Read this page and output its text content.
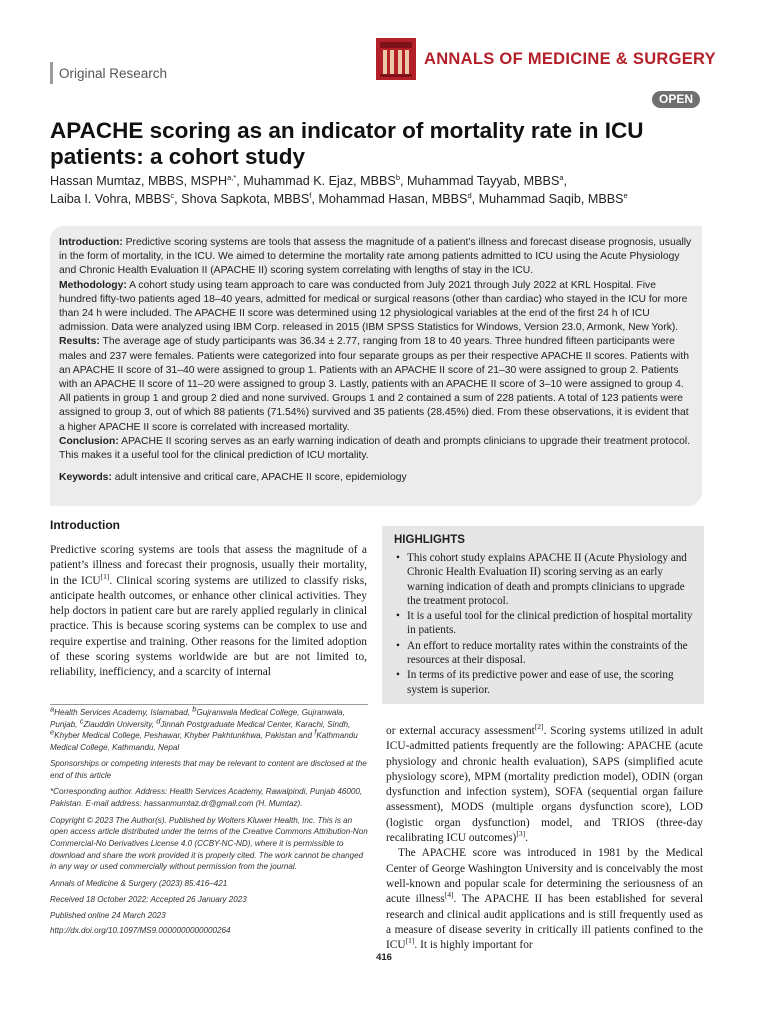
Original Research
ANNALS OF MEDICINE & SURGERY
OPEN
APACHE scoring as an indicator of mortality rate in ICU patients: a cohort study
Hassan Mumtaz, MBBS, $MSPH^{a,*}$, Muhammad K. Ejaz, MBBS$^b$, Muhammad Tayyab, MBBS$^a$,
Laiba I. Vohra, MBBS$^c$, Shova Sapkota, MBBS$^f$, Mohammad Hasan, MBBS$^d$, Muhammad Saqib, MBBS$^e$

Introduction: Predictive scoring systems are tools that assess the magnitude of a patient’s illness and forecast disease prognosis, usually in the form of mortality, in the ICU. We aimed to determine the mortality rate among patients admitted to ICU using the Acute Physiology and Chronic Health Evaluation II (APACHE II) scoring system correlating with lengths of stay in the ICU.

Methodology: A cohort study using team approach to care was conducted from July 2021 through July 2022 at KRL Hospital. Five hundred fifty-two patients aged 18–40 years, admitted for medical or surgical reasons (other than cardiac) who stayed in the ICU for more than 24 h were included. The APACHE II score was determined using 12 physiological variables at the end of the first 24 h of ICU admission. Data were analyzed using IBM Corp. released in 2015 (IBM SPSS Statistics for Windows, Version 23.0, Armonk, New York).

Results: The average age of study participants was 36.34 ± 2.77, ranging from 18 to 40 years. Three hundred fifteen participants were males and 237 were females. Patients were categorized into four separate groups as per their respective APACHE II scores. Patients with an APACHE II score of 31–40 were assigned to group 1. Patients with an APACHE II score of 21–30 were assigned to group 2. Patients with an APACHE II score of 11–20 were assigned to group 3. Lastly, patients with an APACHE II score of 3–10 were assigned to group 4. All patients in group 1 and group 2 died and none survived. Groups 1 and 2 contained a sum of 228 patients. A total of 123 patients were assigned to group 3, out of which 88 patients (71.54%) survived and 35 patients (28.45%) died. From these observations, it is evident that a higher APACHE II score is correlated with increased mortality.

Conclusion: APACHE II scoring serves as an early warning indication of death and prompts clinicians to upgrade their treatment protocol. This makes it a useful tool for the clinical prediction of ICU mortality.

Keywords: adult intensive and critical care, APACHE II score, epidemiology

Introduction

Predictive scoring systems are tools that assess the magnitude of a patient’s illness and forecast their prognosis, usually their mortality, in the ICU[1]. Clinical scoring systems are utilized to classify risks, anticipate health outcomes, or enhance other clinical activities. They help doctors in patient care but are rarely applied regularly in clinical practice. This is because scoring systems can be complex to use and require expertise and training. Other reasons for the limited adoption of these scoring systems worldwide are but are not limited to, reliability, inefficiency, and a scarcity of internal

HIGHLIGHTS
• This cohort study explains APACHE II (Acute Physiology and Chronic Health Evaluation II) scoring serving as an early warning indication of death and prompts clinicians to upgrade the treatment protocol.
• It is a useful tool for the clinical prediction of hospital mortality in patients.
• An effort to reduce mortality rates within the constraints of the resources at their disposal.
• In terms of its predictive power and ease of use, the scoring system is superior.

or external accuracy assessment[2]. Scoring systems utilized in adult ICU-admitted patients frequently are the following: APACHE (acute physiology and chronic health evaluation), SAPS (simplified acute physiology score), MPM (mortality prediction model), ODIN (organ dysfunction and infection system), SOFA (sequential organ failure assessment), MODS (multiple organs dysfunction score), LOD (logistic organ dysfunction) model, and TRIOS (three-day recalibrating ICU outcomes)[3].

The APACHE score was introduced in 1981 by the Medical Center of George Washington University and is conceivably the most well-known and popular scale for determining the seriousness of an acute illness[4]. The APACHE II has been established for several research and clinical audit applications and is still frequently used as a measure of disease severity in critically ill patients confined to the ICU[1]. It is highly important for

$^a$Health Services Academy, Islamabad, $^b$Gujranwala Medical College, Gujranwala, Punjab, $^c$Ziauddin University, $^d$Jinnah Postgraduate Medical Center, Karachi, Sindh, $^e$Khyber Medical College, Peshawar, Khyber Pakhtunkhwa, Pakistan and $^f$Kathmandu Medical College, Kathmandu, Nepal

Sponsorships or competing interests that may be relevant to content are disclosed at the end of this article

*Corresponding author. Address: Health Services Academy, Rawalpindi, Punjab 46000, Pakistan. E-mail address: hassanmumtaz.dr@gmail.com (H. Mumtaz).

Copyright © 2023 The Author(s). Published by Wolters Kluwer Health, Inc. This is an open access article distributed under the terms of the Creative Commons Attribution-Non Commercial-No Derivatives License 4.0 (CCBY-NC-ND), where it is permissible to download and share the work provided it is properly cited. The work cannot be changed in any way or used commercially without permission from the journal.

Annals of Medicine & Surgery (2023) 85:416–421

Received 18 October 2022; Accepted 26 January 2023

Published online 24 March 2023

http://dx.doi.org/10.1097/MS9.0000000000000264

416
